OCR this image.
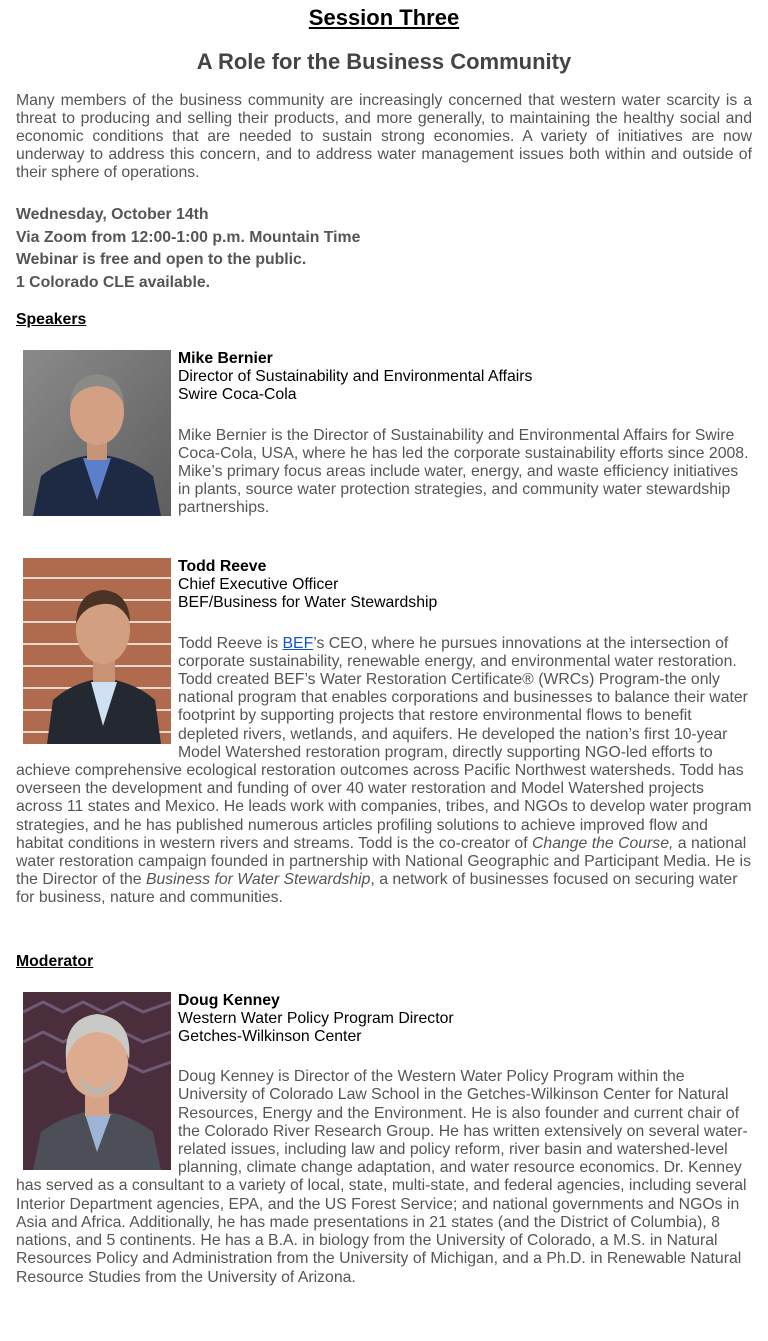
Session Three
A Role for the Business Community

Many members of the business community are increasingly concerned that western water scarcity is a threat to producing and selling their products, and more generally, to maintaining the healthy social and economic conditions that are needed to sustain strong economies. A variety of initiatives are now underway to address this concern, and to address water management issues both within and outside of their sphere of operations.

Wednesday, October 14th
Via Zoom from 12:00-1:00 p.m. Mountain Time
Webinar is free and open to the public.
1 Colorado CLE available.
Speakers
Mike Bernier
Director of Sustainability and Environmental Affairs
Swire Coca-Cola
Mike Bernier is the Director of Sustainability and Environmental Affairs for Swire Coca-Cola, USA, where he has led the corporate sustainability efforts since 2008. Mike’s primary focus areas include water, energy, and waste efficiency initiatives in plants, source water protection strategies, and community water stewardship partnerships.
Todd Reeve
Chief Executive Officer
BEF/Business for Water Stewardship
Todd Reeve is BEF’s CEO, where he pursues innovations at the intersection of corporate sustainability, renewable energy, and environmental water restoration. Todd created BEF’s Water Restoration Certificate® (WRCs) Program-the only national program that enables corporations and businesses to balance their water footprint by supporting projects that restore environmental flows to benefit depleted rivers, wetlands, and aquifers. He developed the nation’s first 10-year Model Watershed restoration program, directly supporting NGO-led efforts to achieve comprehensive ecological restoration outcomes across Pacific Northwest watersheds. Todd has overseen the development and funding of over 40 water restoration and Model Watershed projects across 11 states and Mexico. He leads work with companies, tribes, and NGOs to develop water program strategies, and he has published numerous articles profiling solutions to achieve improved flow and habitat conditions in western rivers and streams. Todd is the co-creator of Change the Course, a national water restoration campaign founded in partnership with National Geographic and Participant Media. He is the Director of the Business for Water Stewardship, a network of businesses focused on securing water for business, nature and communities.
Moderator
Doug Kenney
Western Water Policy Program Director
Getches-Wilkinson Center
Doug Kenney is Director of the Western Water Policy Program within the University of Colorado Law School in the Getches-Wilkinson Center for Natural Resources, Energy and the Environment. He is also founder and current chair of the Colorado River Research Group. He has written extensively on several water-related issues, including law and policy reform, river basin and watershed-level planning, climate change adaptation, and water resource economics. Dr. Kenney has served as a consultant to a variety of local, state, multi-state, and federal agencies, including several Interior Department agencies, EPA, and the US Forest Service; and national governments and NGOs in Asia and Africa. Additionally, he has made presentations in 21 states (and the District of Columbia), 8 nations, and 5 continents. He has a B.A. in biology from the University of Colorado, a M.S. in Natural Resources Policy and Administration from the University of Michigan, and a Ph.D. in Renewable Natural Resource Studies from the University of Arizona.
